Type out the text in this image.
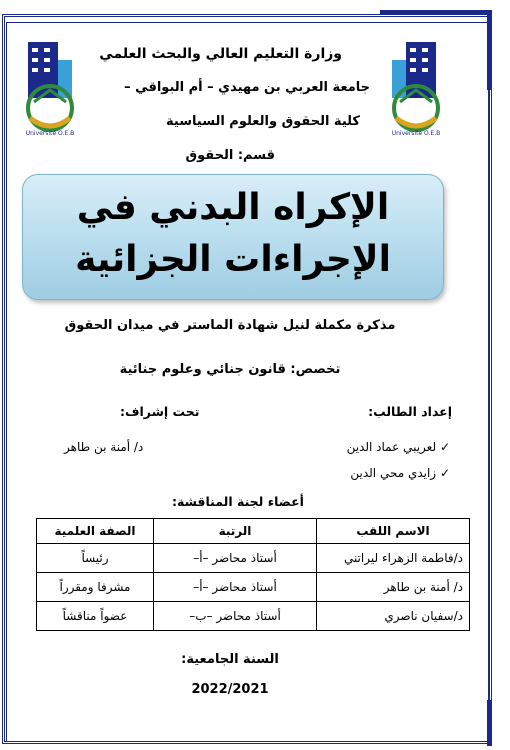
Université O.E.B	Université O.E.B
وزارة التعليم العالي والبحث العلمي
جامعة العربي بن مهيدي – أم البواقي –
كلية الحقوق والعلوم السياسية
قسم: الحقوق
الإكراه البدني في
الإجراءات الجزائية
مذكرة مكملة لنيل شهادة الماستر في ميدان الحقوق
تخصص: قانون جنائي وعلوم جنائية
إعداد الطالب:
تحت إشراف:
✓ لعريبي عماد الدين
✓ زايدي محي الدين
د/ أمنة بن طاهر
أعضاء لجنة المناقشة:
الاسم اللقب	الرتبة	الصفة العلمية
د/فاطمة الزهراء ليراتني	أستاذ محاضر –أ–	رئيساً
د/ أمنة بن طاهر	أستاذ محاضر –أ–	مشرفا ومقرراً
د/سفيان ناصري	أستاذ محاضر –ب–	عضواً مناقشاً
السنة الجامعية:
2022/2021
